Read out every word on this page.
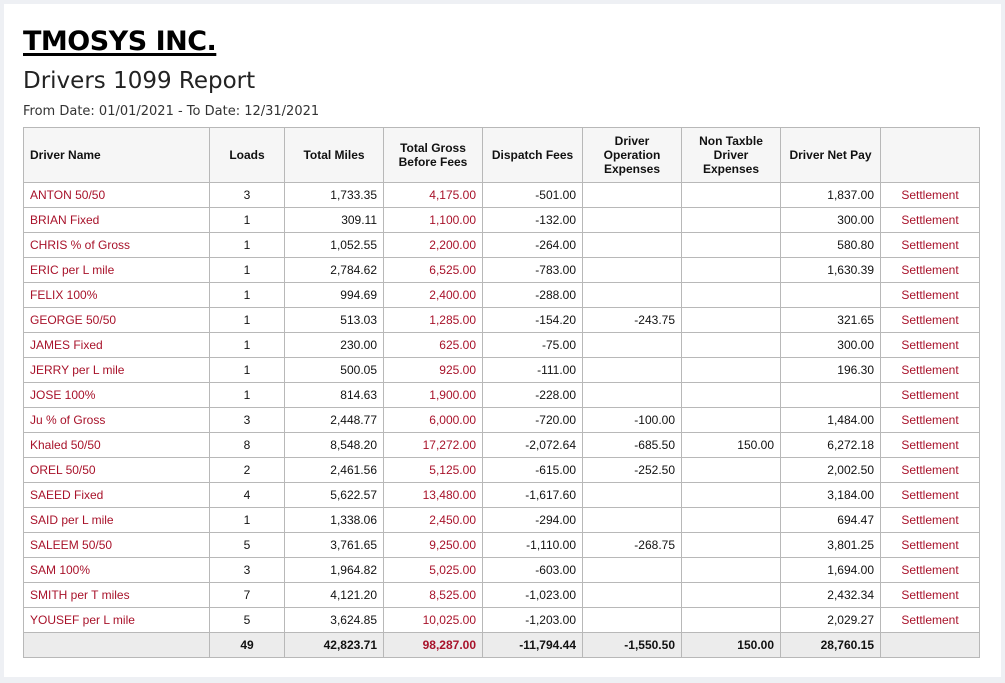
TMOSYS INC.
Drivers 1099 Report
From Date: 01/01/2021 - To Date: 12/31/2021
Driver Name	Loads	Total Miles	Total Gross Before Fees	Dispatch Fees	Driver Operation Expenses	Non Taxble Driver Expenses	Driver Net Pay	
ANTON 50/50	3	1,733.35	4,175.00	-501.00			1,837.00	Settlement
BRIAN Fixed	1	309.11	1,100.00	-132.00			300.00	Settlement
CHRIS % of Gross	1	1,052.55	2,200.00	-264.00			580.80	Settlement
ERIC per L mile	1	2,784.62	6,525.00	-783.00			1,630.39	Settlement
FELIX 100%	1	994.69	2,400.00	-288.00				Settlement
GEORGE 50/50	1	513.03	1,285.00	-154.20	-243.75		321.65	Settlement
JAMES Fixed	1	230.00	625.00	-75.00			300.00	Settlement
JERRY per L mile	1	500.05	925.00	-111.00			196.30	Settlement
JOSE 100%	1	814.63	1,900.00	-228.00				Settlement
Ju % of Gross	3	2,448.77	6,000.00	-720.00	-100.00		1,484.00	Settlement
Khaled 50/50	8	8,548.20	17,272.00	-2,072.64	-685.50	150.00	6,272.18	Settlement
OREL 50/50	2	2,461.56	5,125.00	-615.00	-252.50		2,002.50	Settlement
SAEED Fixed	4	5,622.57	13,480.00	-1,617.60			3,184.00	Settlement
SAID per L mile	1	1,338.06	2,450.00	-294.00			694.47	Settlement
SALEEM 50/50	5	3,761.65	9,250.00	-1,110.00	-268.75		3,801.25	Settlement
SAM 100%	3	1,964.82	5,025.00	-603.00			1,694.00	Settlement
SMITH per T miles	7	4,121.20	8,525.00	-1,023.00			2,432.34	Settlement
YOUSEF per L mile	5	3,624.85	10,025.00	-1,203.00			2,029.27	Settlement
	49	42,823.71	98,287.00	-11,794.44	-1,550.50	150.00	28,760.15	
